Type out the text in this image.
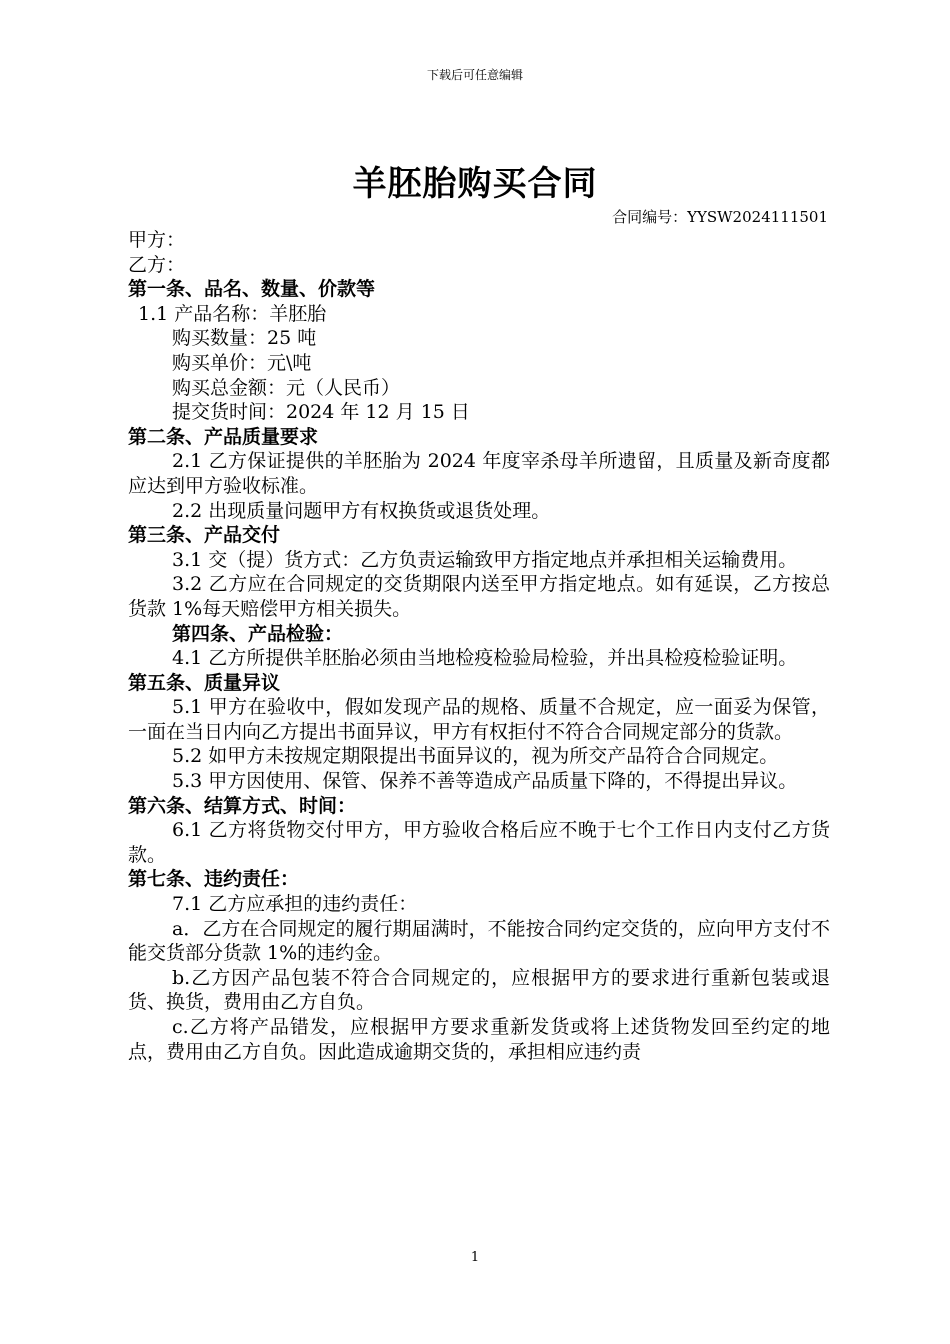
下载后可任意编辑
羊胚胎购买合同
合同编号：YYSW2024111501

甲方：

乙方：

第一条、品名、数量、价款等

1.1 产品名称：羊胚胎

购买数量：25 吨

购买单价：元\吨

购买总金额：元（人民币）

提交货时间：2024 年 12 月 15 日

第二条、产品质量要求

2.1 乙方保证提供的羊胚胎为 2024 年度宰杀母羊所遗留，且质量及新奇度都应达到甲方验收标准。

2.2 出现质量问题甲方有权换货或退货处理。

第三条、产品交付

3.1 交（提）货方式：乙方负责运输致甲方指定地点并承担相关运输费用。

3.2 乙方应在合同规定的交货期限内送至甲方指定地点。如有延误，乙方按总货款 1%每天赔偿甲方相关损失。

第四条、产品检验：

4.1 乙方所提供羊胚胎必须由当地检疫检验局检验，并出具检疫检验证明。

第五条、质量异议

5.1 甲方在验收中，假如发现产品的规格、质量不合规定，应一面妥为保管，一面在当日内向乙方提出书面异议，甲方有权拒付不符合合同规定部分的货款。

5.2 如甲方未按规定期限提出书面异议的，视为所交产品符合合同规定。

5.3 甲方因使用、保管、保养不善等造成产品质量下降的，不得提出异议。

第六条、结算方式、时间：

6.1 乙方将货物交付甲方，甲方验收合格后应不晚于七个工作日内支付乙方货款。

第七条、违约责任：

7.1 乙方应承担的违约责任：

a．乙方在合同规定的履行期届满时，不能按合同约定交货的，应向甲方支付不能交货部分货款 1%的违约金。

b.乙方因产品包装不符合合同规定的，应根据甲方的要求进行重新包装或退货、换货，费用由乙方自负。

c.乙方将产品错发，应根据甲方要求重新发货或将上述货物发回至约定的地点，费用由乙方自负。因此造成逾期交货的，承担相应违约责

1
